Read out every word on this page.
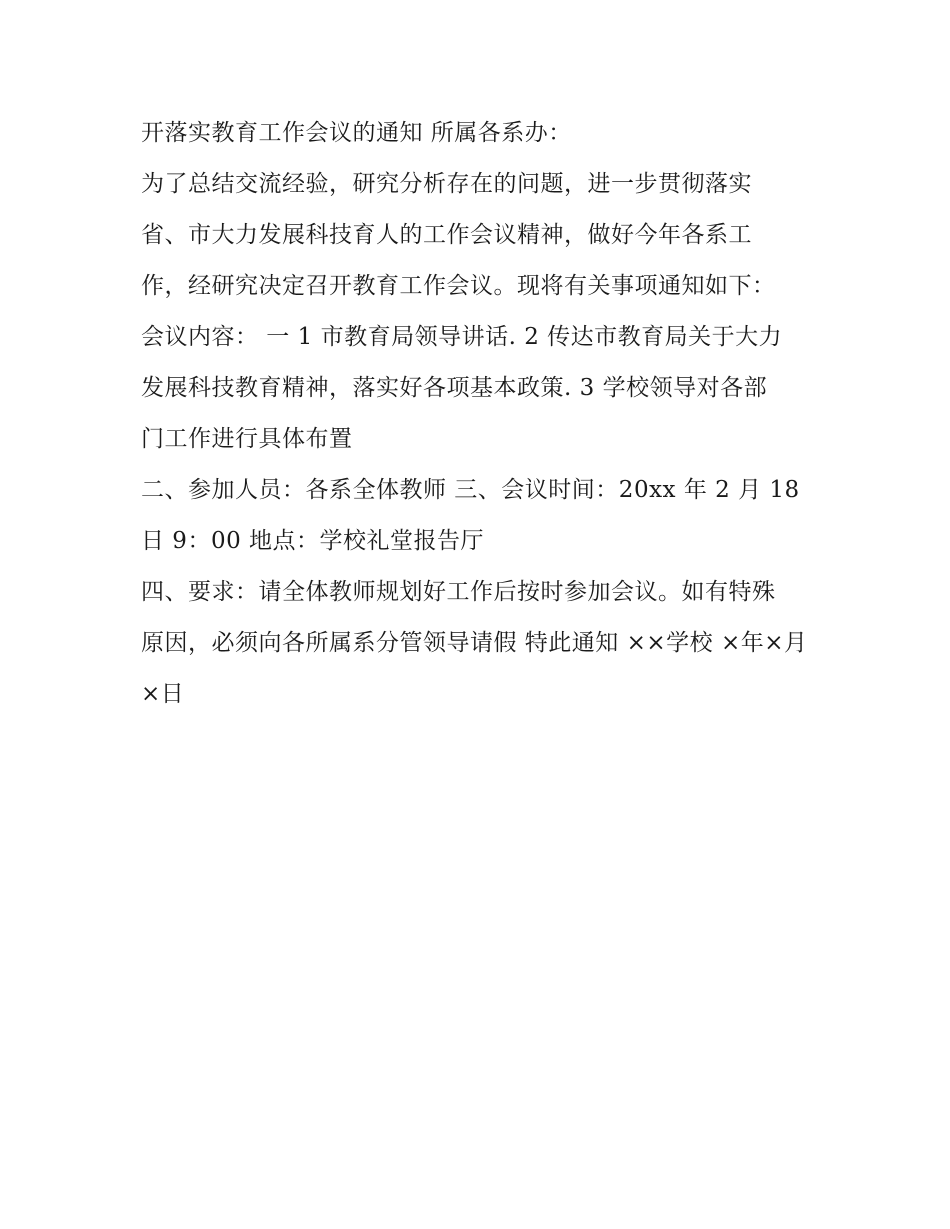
开落实教育工作会议的通知 所属各系办：
为了总结交流经验，研究分析存在的问题，进一步贯彻落实
省、市大力发展科技育人的工作会议精神，做好今年各系工
作，经研究决定召开教育工作会议。现将有关事项通知如下：
会议内容： 一 1 市教育局领导讲话. 2 传达市教育局关于大力
发展科技教育精神，落实好各项基本政策. 3 学校领导对各部
门工作进行具体布置
二、参加人员：各系全体教师 三、会议时间：20xx 年 2 月 18
日 9：00 地点：学校礼堂报告厅
四、要求：请全体教师规划好工作后按时参加会议。如有特殊
原因，必须向各所属系分管领导请假 特此通知 ××学校 ×年×月
×日
